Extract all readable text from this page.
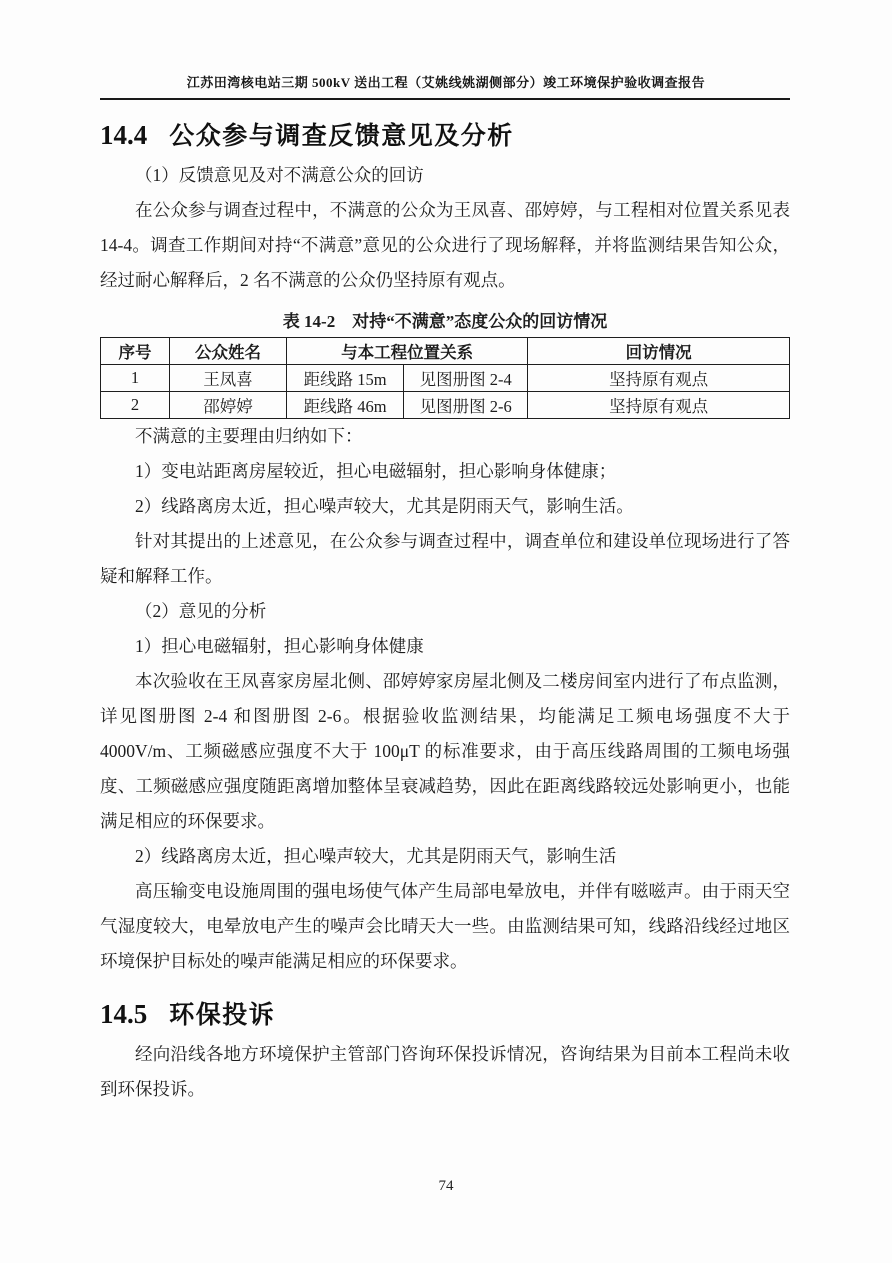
江苏田湾核电站三期 500kV 送出工程（艾姚线姚湖侧部分）竣工环境保护验收调查报告
14.4 公众参与调查反馈意见及分析

（1）反馈意见及对不满意公众的回访

在公众参与调查过程中，不满意的公众为王凤喜、邵婷婷，与工程相对位置关系见表 14-4。调查工作期间对持“不满意”意见的公众进行了现场解释，并将监测结果告知公众，经过耐心解释后，2 名不满意的公众仍坚持原有观点。

表 14-2　对持“不满意”态度公众的回访情况
序号	公众姓名	与本工程位置关系		回访情况
1	王凤喜	距线路 15m	见图册图 2-4	坚持原有观点
2	邵婷婷	距线路 46m	见图册图 2-6	坚持原有观点

不满意的主要理由归纳如下：

1）变电站距离房屋较近，担心电磁辐射，担心影响身体健康；

2）线路离房太近，担心噪声较大，尤其是阴雨天气，影响生活。

针对其提出的上述意见，在公众参与调查过程中，调查单位和建设单位现场进行了答疑和解释工作。

（2）意见的分析

1）担心电磁辐射，担心影响身体健康

本次验收在王凤喜家房屋北侧、邵婷婷家房屋北侧及二楼房间室内进行了布点监测，详见图册图 2-4 和图册图 2-6。根据验收监测结果，均能满足工频电场强度不大于4000V/m、工频磁感应强度不大于 100μT 的标准要求，由于高压线路周围的工频电场强度、工频磁感应强度随距离增加整体呈衰减趋势，因此在距离线路较远处影响更小，也能满足相应的环保要求。

2）线路离房太近，担心噪声较大，尤其是阴雨天气，影响生活

高压输变电设施周围的强电场使气体产生局部电晕放电，并伴有嗞嗞声。由于雨天空气湿度较大，电晕放电产生的噪声会比晴天大一些。由监测结果可知，线路沿线经过地区环境保护目标处的噪声能满足相应的环保要求。

14.5 环保投诉

经向沿线各地方环境保护主管部门咨询环保投诉情况，咨询结果为目前本工程尚未收到环保投诉。

74
